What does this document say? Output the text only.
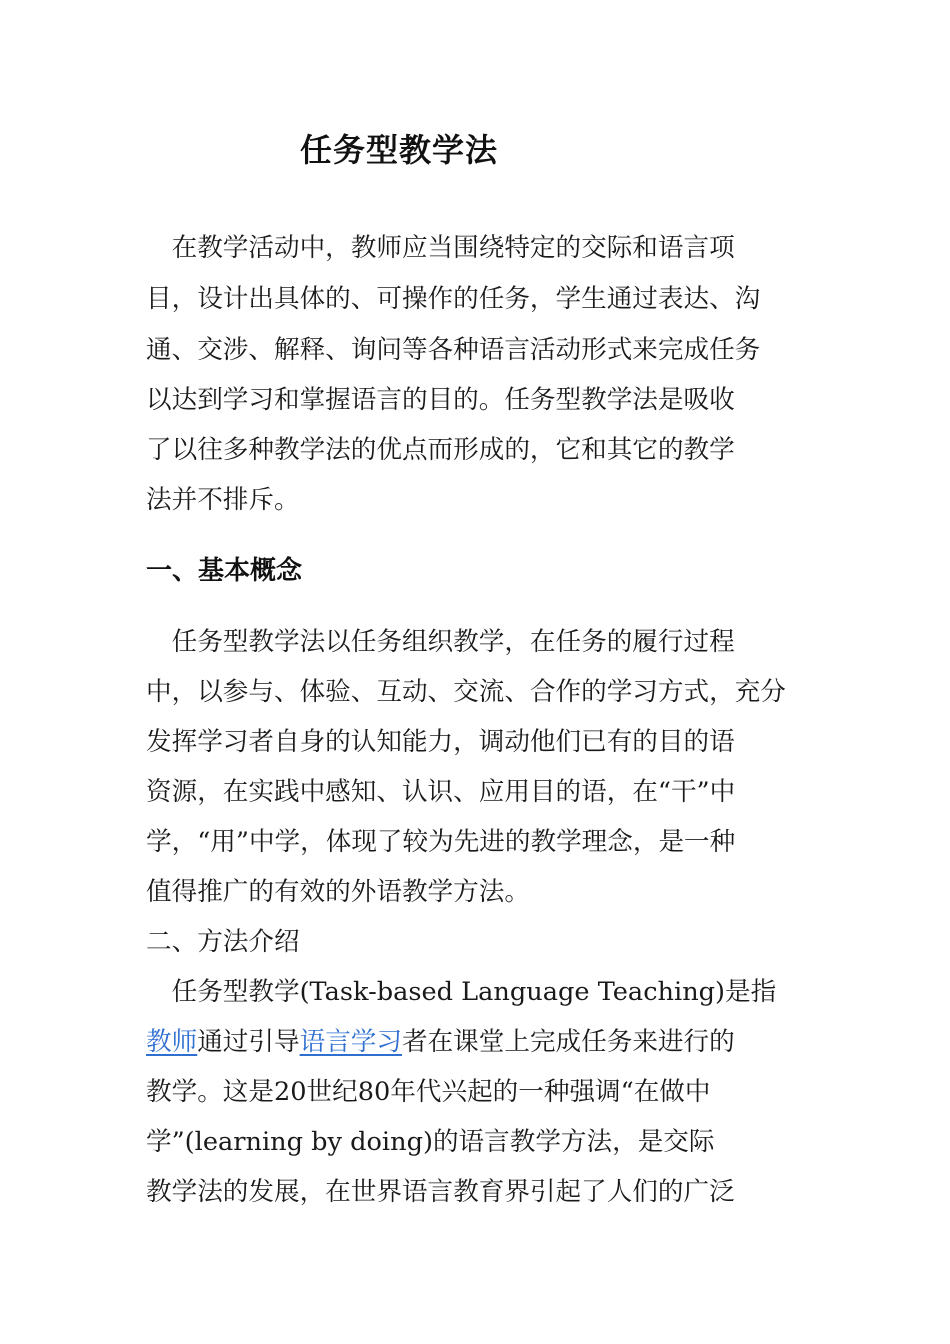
任务型教学法
　在教学活动中，教师应当围绕特定的交际和语言项
目，设计出具体的、可操作的任务，学生通过表达、沟
通、交涉、解释、询问等各种语言活动形式来完成任务
以达到学习和掌握语言的目的。任务型教学法是吸收
了以往多种教学法的优点而形成的，它和其它的教学
法并不排斥。
一、基本概念
　任务型教学法以任务组织教学，在任务的履行过程
中，以参与、体验、互动、交流、合作的学习方式，充分
发挥学习者自身的认知能力，调动他们已有的目的语
资源，在实践中感知、认识、应用目的语，在“干”中
学，“用”中学，体现了较为先进的教学理念，是一种
值得推广的有效的外语教学方法。
二、方法介绍
　任务型教学(Task-based Language Teaching)是指
教师通过引导语言学习者在课堂上完成任务来进行的
教学。这是20世纪80年代兴起的一种强调“在做中
学”(learning by doing)的语言教学方法，是交际
教学法的发展，在世界语言教育界引起了人们的广泛
